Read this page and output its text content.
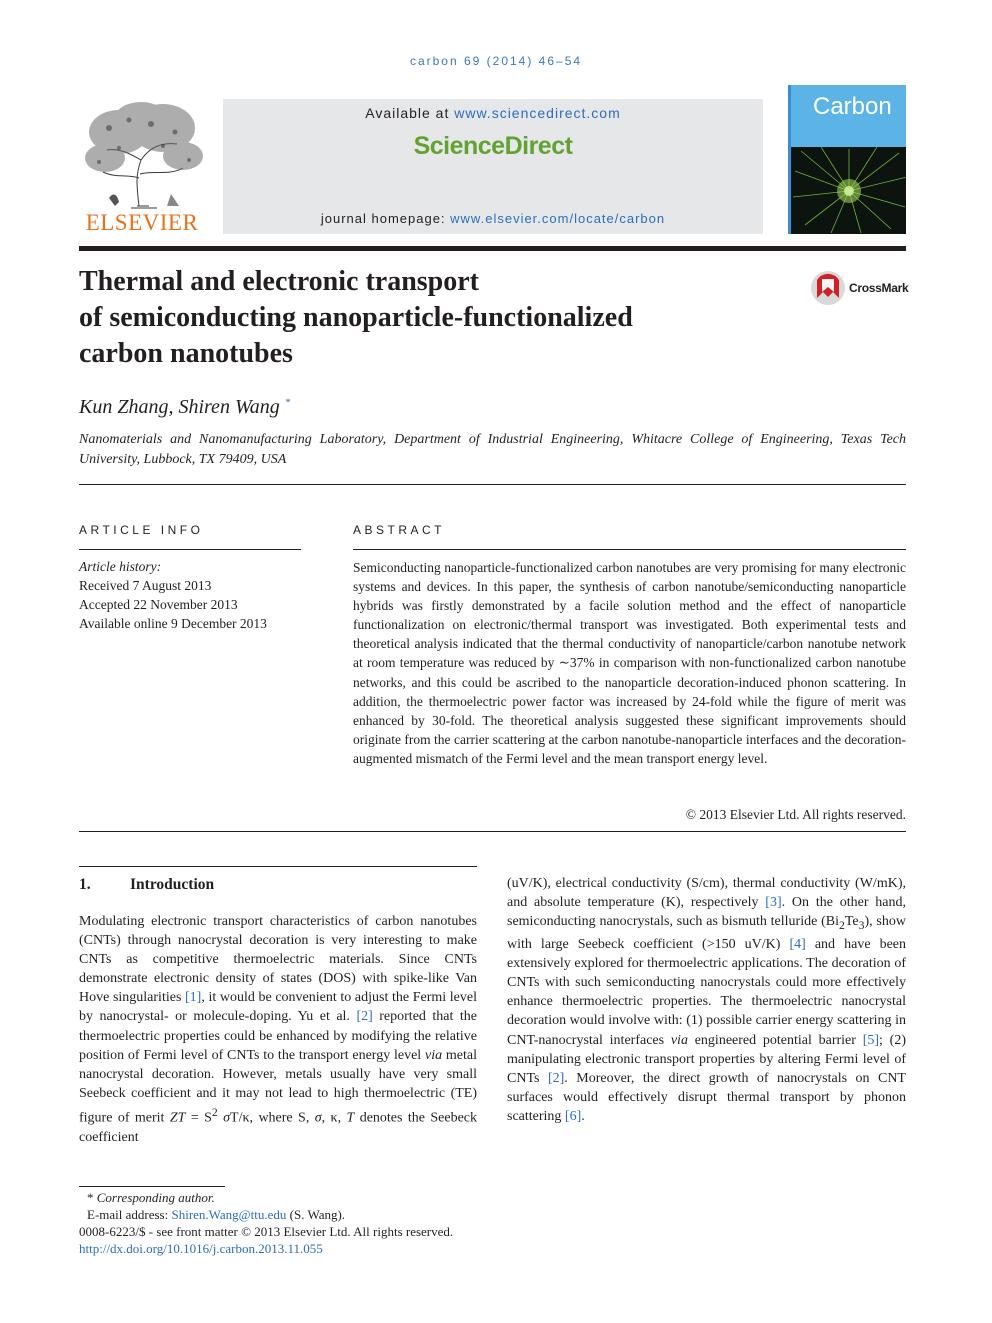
carbon 69 (2014) 46–54
ELSEVIER
Available at www.sciencedirect.com
ScienceDirect
journal homepage: www.elsevier.com/locate/carbon
Carbon
Thermal and electronic transport
of semiconducting nanoparticle-functionalized
carbon nanotubes
CrossMark
Kun Zhang, Shiren Wang *
Nanomaterials and Nanomanufacturing Laboratory, Department of Industrial Engineering, Whitacre College of Engineering, Texas Tech University, Lubbock, TX 79409, USA
ARTICLE INFO
Article history:
Received 7 August 2013
Accepted 22 November 2013
Available online 9 December 2013
ABSTRACT
Semiconducting nanoparticle-functionalized carbon nanotubes are very promising for many electronic systems and devices. In this paper, the synthesis of carbon nanotube/semiconducting nanoparticle hybrids was firstly demonstrated by a facile solution method and the effect of nanoparticle functionalization on electronic/thermal transport was investigated. Both experimental tests and theoretical analysis indicated that the thermal conductivity of nanoparticle/carbon nanotube network at room temperature was reduced by ∼37% in comparison with non-functionalized carbon nanotube networks, and this could be ascribed to the nanoparticle decoration-induced phonon scattering. In addition, the thermoelectric power factor was increased by 24-fold while the figure of merit was enhanced by 30-fold. The theoretical analysis suggested these significant improvements should originate from the carrier scattering at the carbon nanotube-nanoparticle interfaces and the decoration-augmented mismatch of the Fermi level and the mean transport energy level.
© 2013 Elsevier Ltd. All rights reserved.
1.	Introduction
Modulating electronic transport characteristics of carbon nanotubes (CNTs) through nanocrystal decoration is very interesting to make CNTs as competitive thermoelectric materials. Since CNTs demonstrate electronic density of states (DOS) with spike-like Van Hove singularities [1], it would be convenient to adjust the Fermi level by nanocrystal- or molecule-doping. Yu et al. [2] reported that the thermoelectric properties could be enhanced by modifying the relative position of Fermi level of CNTs to the transport energy level via metal nanocrystal decoration. However, metals usually have very small Seebeck coefficient and it may not lead to high thermoelectric (TE) figure of merit ZT = $S^2$ σT/κ, where S, σ, κ, T denotes the Seebeck coefficient
(uV/K), electrical conductivity (S/cm), thermal conductivity (W/mK), and absolute temperature (K), respectively [3]. On the other hand, semiconducting nanocrystals, such as bismuth telluride $(Bi_2Te_3)$, show with large Seebeck coefficient (>150 uV/K) [4] and have been extensively explored for thermoelectric applications. The decoration of CNTs with such semiconducting nanocrystals could more effectively enhance thermoelectric properties. The thermoelectric nanocrystal decoration would involve with: (1) possible carrier energy scattering in CNT-nanocrystal interfaces via engineered potential barrier [5]; (2) manipulating electronic transport properties by altering Fermi level of CNTs [2]. Moreover, the direct growth of nanocrystals on CNT surfaces would effectively disrupt thermal transport by phonon scattering [6].
* Corresponding author.
E-mail address: Shiren.Wang@ttu.edu (S. Wang).
0008-6223/$ - see front matter © 2013 Elsevier Ltd. All rights reserved.
http://dx.doi.org/10.1016/j.carbon.2013.11.055
